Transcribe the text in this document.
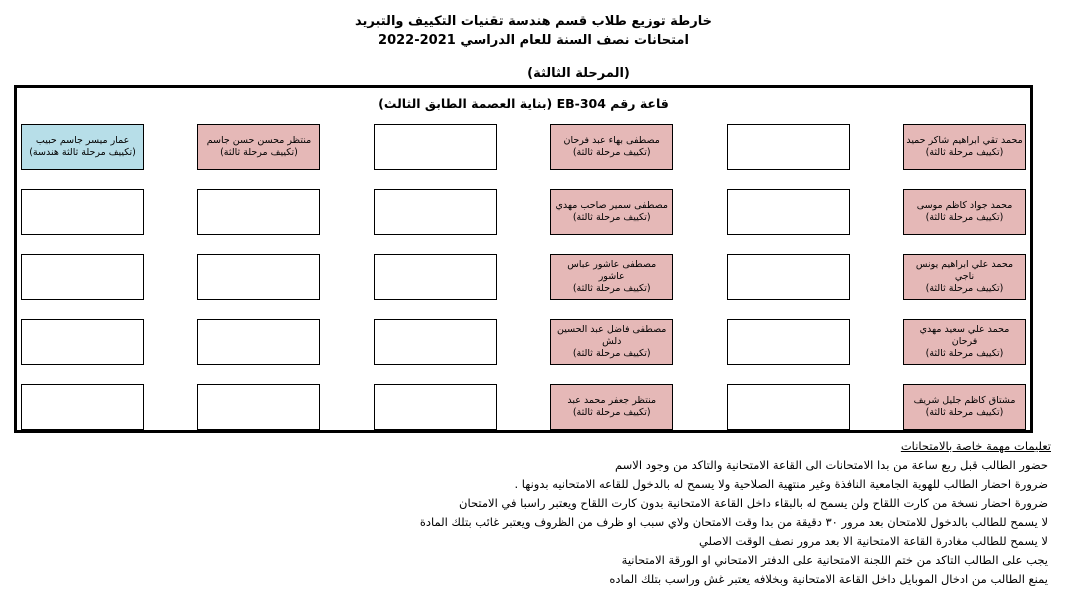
خارطة توزيع طلاب قسم هندسة تقنيات التكييف والتبريد
امتحانات نصف السنة للعام الدراسي 2021-2022
(المرحلة الثالثة)
قاعة رقم EB-304 (بناية العصمة الطابق الثالث)
محمد تقي ابراهيم شاكر حميد
(تكييف مرحلة ثالثة)
مصطفى بهاء عبد فرحان
(تكييف مرحلة ثالثة)
منتظر محسن حسن جاسم
(تكييف مرحلة ثالثة)
عمار ميسر جاسم حبيب
(تكييف مرحلة ثالثة هندسة)
محمد جواد كاظم موسى
(تكييف مرحلة ثالثة)
مصطفى سمير صاحب مهدي
(تكييف مرحلة ثالثة)
محمد علي ابراهيم يونس ناجي
(تكييف مرحلة ثالثة)
مصطفى عاشور عباس عاشور
(تكييف مرحلة ثالثة)
محمد علي سعيد مهدي فرحان
(تكييف مرحلة ثالثة)
مصطفى فاضل عبد الحسين دلش
(تكييف مرحلة ثالثة)
مشتاق كاظم جليل شريف
(تكييف مرحلة ثالثة)
منتظر جعفر محمد عبد
(تكييف مرحلة ثالثة)
تعليمات مهمة خاصة بالامتحانات
حضور الطالب قبل ربع ساعة من بدا الامتحانات الى القاعة الامتحانية والتاكد من وجود الاسم
ضرورة احضار الطالب للهوية الجامعية النافذة وغير منتهية الصلاحية ولا يسمح له بالدخول للقاعه الامتحانيه بدونها .
ضرورة احضار نسخة من كارت اللقاح ولن يسمح له بالبقاء داخل القاعة الامتحانية بدون كارت اللقاح ويعتبر راسبا في الامتحان
لا يسمح للطالب بالدخول للامتحان بعد مرور ٣٠ دقيقة من بدا وقت الامتحان ولاي سبب او ظرف من الظروف ويعتبر غائب بتلك المادة
لا يسمح للطالب مغادرة القاعة الامتحانية الا بعد مرور نصف الوقت الاصلي
يجب على الطالب التاكد من ختم اللجنة الامتحانية على الدفتر الامتحاني او الورقة الامتحانية
يمنع الطالب من ادخال الموبايل داخل القاعة الامتحانية وبخلافه يعتبر غش وراسب بتلك الماده
